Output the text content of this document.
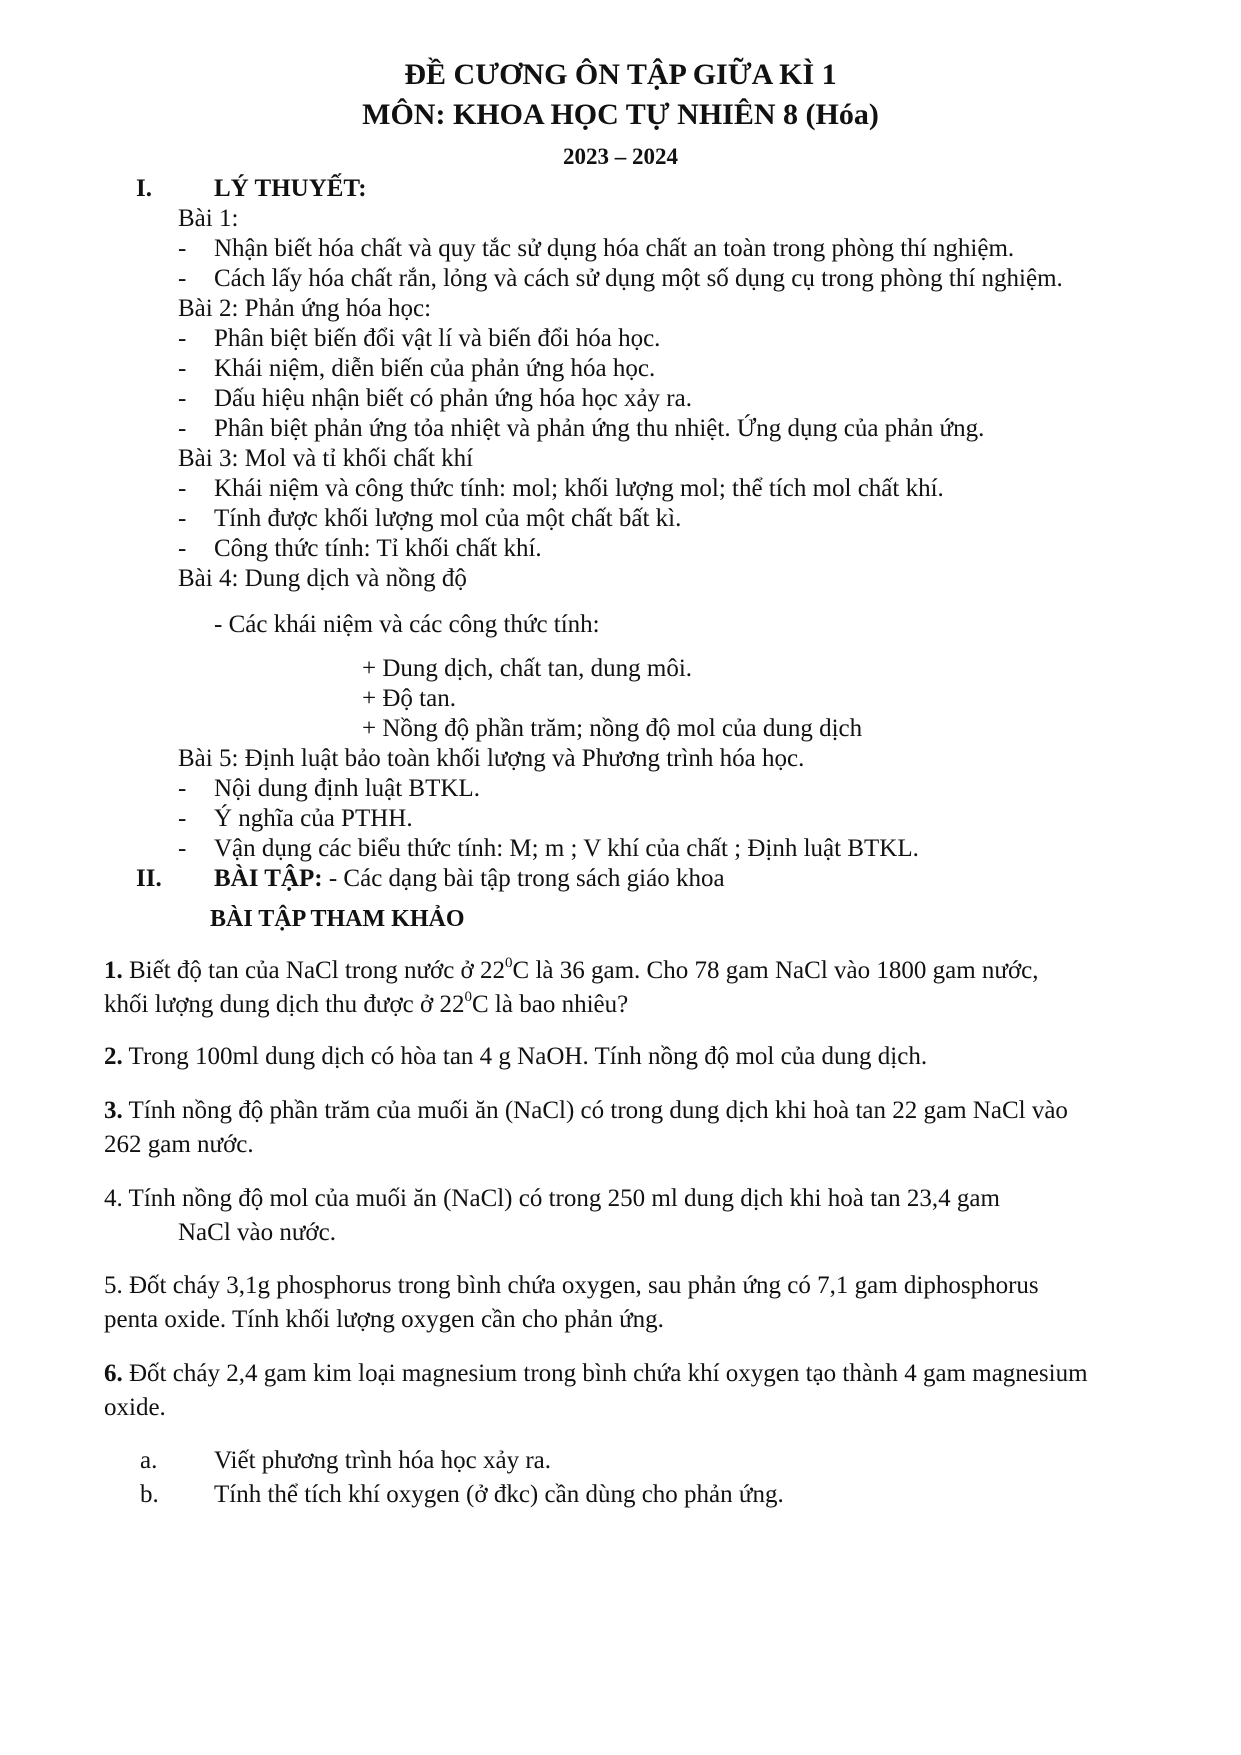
ĐỀ CƯƠNG ÔN TẬP GIỮA KÌ 1
MÔN: KHOA HỌC TỰ NHIÊN 8 (Hóa)
2023 – 2024
I. LÝ THUYẾT:
Bài 1:
- Nhận biết hóa chất và quy tắc sử dụng hóa chất an toàn trong phòng thí nghiệm.
- Cách lấy hóa chất rắn, lỏng và cách sử dụng một số dụng cụ trong phòng thí nghiệm.
Bài 2: Phản ứng hóa học:
- Phân biệt biến đổi vật lí và biến đổi hóa học.
- Khái niệm, diễn biến của phản ứng hóa học.
- Dấu hiệu nhận biết có phản ứng hóa học xảy ra.
- Phân biệt phản ứng tỏa nhiệt và phản ứng thu nhiệt. Ứng dụng của phản ứng.
Bài 3: Mol và tỉ khối chất khí
- Khái niệm và công thức tính: mol; khối lượng mol; thể tích mol chất khí.
- Tính được khối lượng mol của một chất bất kì.
- Công thức tính: Tỉ khối chất khí.
Bài 4: Dung dịch và nồng độ
- Các khái niệm và các công thức tính:
+ Dung dịch, chất tan, dung môi.
+ Độ tan.
+ Nồng độ phần trăm; nồng độ mol của dung dịch
Bài 5: Định luật bảo toàn khối lượng và Phương trình hóa học.
- Nội dung định luật BTKL.
- Ý nghĩa của PTHH.
- Vận dụng các biểu thức tính: M; m ; V khí của chất ; Định luật BTKL.
II. BÀI TẬP: - Các dạng bài tập trong sách giáo khoa
BÀI TẬP THAM KHẢO
1. Biết độ tan của NaCl trong nước ở $22^0C$ là 36 gam. Cho 78 gam NaCl vào 1800 gam nước,
khối lượng dung dịch thu được ở $22^0C$ là bao nhiêu?
2. Trong 100ml dung dịch có hòa tan 4 g NaOH. Tính nồng độ mol của dung dịch.
3. Tính nồng độ phần trăm của muối ăn (NaCl) có trong dung dịch khi hoà tan 22 gam NaCl vào
262 gam nước.
4. Tính nồng độ mol của muối ăn (NaCl) có trong 250 ml dung dịch khi hoà tan 23,4 gam
NaCl vào nước.
5. Đốt cháy 3,1g phosphorus trong bình chứa oxygen, sau phản ứng có 7,1 gam diphosphorus
penta oxide. Tính khối lượng oxygen cần cho phản ứng.
6. Đốt cháy 2,4 gam kim loại magnesium trong bình chứa khí oxygen tạo thành 4 gam magnesium
oxide.
a. Viết phương trình hóa học xảy ra.
b. Tính thể tích khí oxygen (ở đkc) cần dùng cho phản ứng.
